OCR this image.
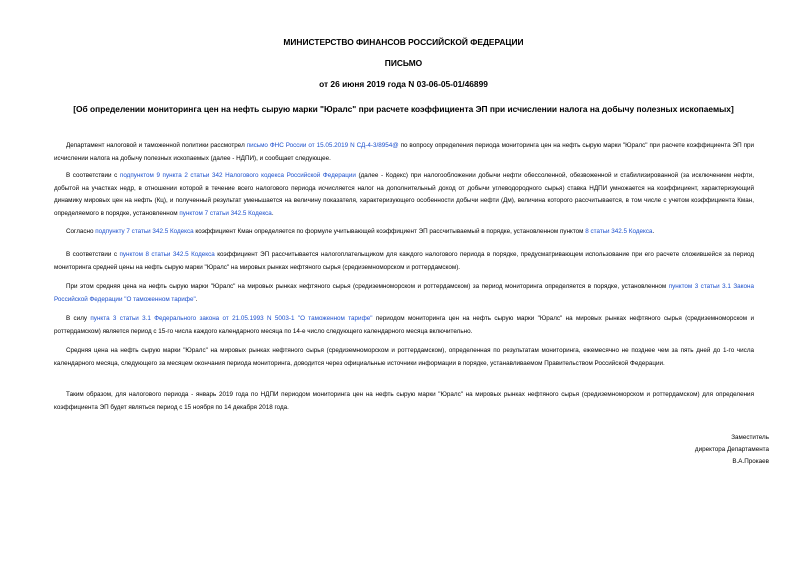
МИНИСТЕРСТВО ФИНАНСОВ РОССИЙСКОЙ ФЕДЕРАЦИИ
ПИСЬМО
от 26 июня 2019 года N 03-06-05-01/46899
[Об определении мониторинга цен на нефть сырую марки "Юралс" при расчете коэффициента ЭП при исчислении налога на добычу полезных ископаемых]
Департамент налоговой и таможенной политики рассмотрел письмо ФНС России от 15.05.2019 N СД-4-3/8954@ по вопросу определения периода мониторинга цен на нефть сырую марки "Юралс" при расчете коэффициента ЭП при исчислении налога на добычу полезных ископаемых (далее - НДПИ), и сообщает следующее.
В соответствии с подпунктом 9 пункта 2 статьи 342 Налогового кодекса Российской Федерации (далее - Кодекс) при налогообложении добычи нефти обессоленной, обезвоженной и стабилизированной (за исключением нефти, добытой на участках недр, в отношении которой в течение всего налогового периода исчисляется налог на дополнительный доход от добычи углеводородного сырья) ставка НДПИ умножается на коэффициент, характеризующий динамику мировых цен на нефть (Кц), и полученный результат уменьшается на величину показателя, характеризующего особенности добычи нефти (Дм), величина которого рассчитывается, в том числе с учетом коэффициента Кман, определяемого в порядке, установленном пунктом 7 статьи 342.5 Кодекса.
Согласно подпункту 7 статьи 342.5 Кодекса коэффициент Кман определяется по формуле учитывающей коэффициент ЭП рассчитываемый в порядке, установленном пунктом 8 статьи 342.5 Кодекса.
В соответствии с пунктом 8 статьи 342.5 Кодекса коэффициент ЭП рассчитывается налогоплательщиком для каждого налогового периода в порядке, предусматривающем использование при его расчете сложившейся за период мониторинга средней цены на нефть сырую марки "Юралс" на мировых рынках нефтяного сырья (средиземноморском и роттердамском).
При этом средняя цена на нефть сырую марки "Юралс" на мировых рынках нефтяного сырья (средиземноморском и роттердамском) за период мониторинга определяется в порядке, установленном пунктом 3 статьи 3.1 Закона Российской Федерации "О таможенном тарифе".
В силу пункта 3 статьи 3.1 Федерального закона от 21.05.1993 N 5003-1 "О таможенном тарифе" периодом мониторинга цен на нефть сырую марки "Юралс" на мировых рынках нефтяного сырья (средиземноморском и роттердамском) является период с 15-го числа каждого календарного месяца по 14-е число следующего календарного месяца включительно.
Средняя цена на нефть сырую марки "Юралс" на мировых рынках нефтяного сырья (средиземноморском и роттердамском), определенная по результатам мониторинга, ежемесячно не позднее чем за пять дней до 1-го числа календарного месяца, следующего за месяцем окончания периода мониторинга, доводится через официальные источники информации в порядке, устанавливаемом Правительством Российской Федерации.
Таким образом, для налогового периода - январь 2019 года по НДПИ периодом мониторинга цен на нефть сырую марки "Юралс" на мировых рынках нефтяного сырья (средиземноморском и роттердамском) для определения коэффициента ЭП будет являться период с 15 ноября по 14 декабря 2018 года.
Заместитель
директора Департамента
В.А.Прокаев
